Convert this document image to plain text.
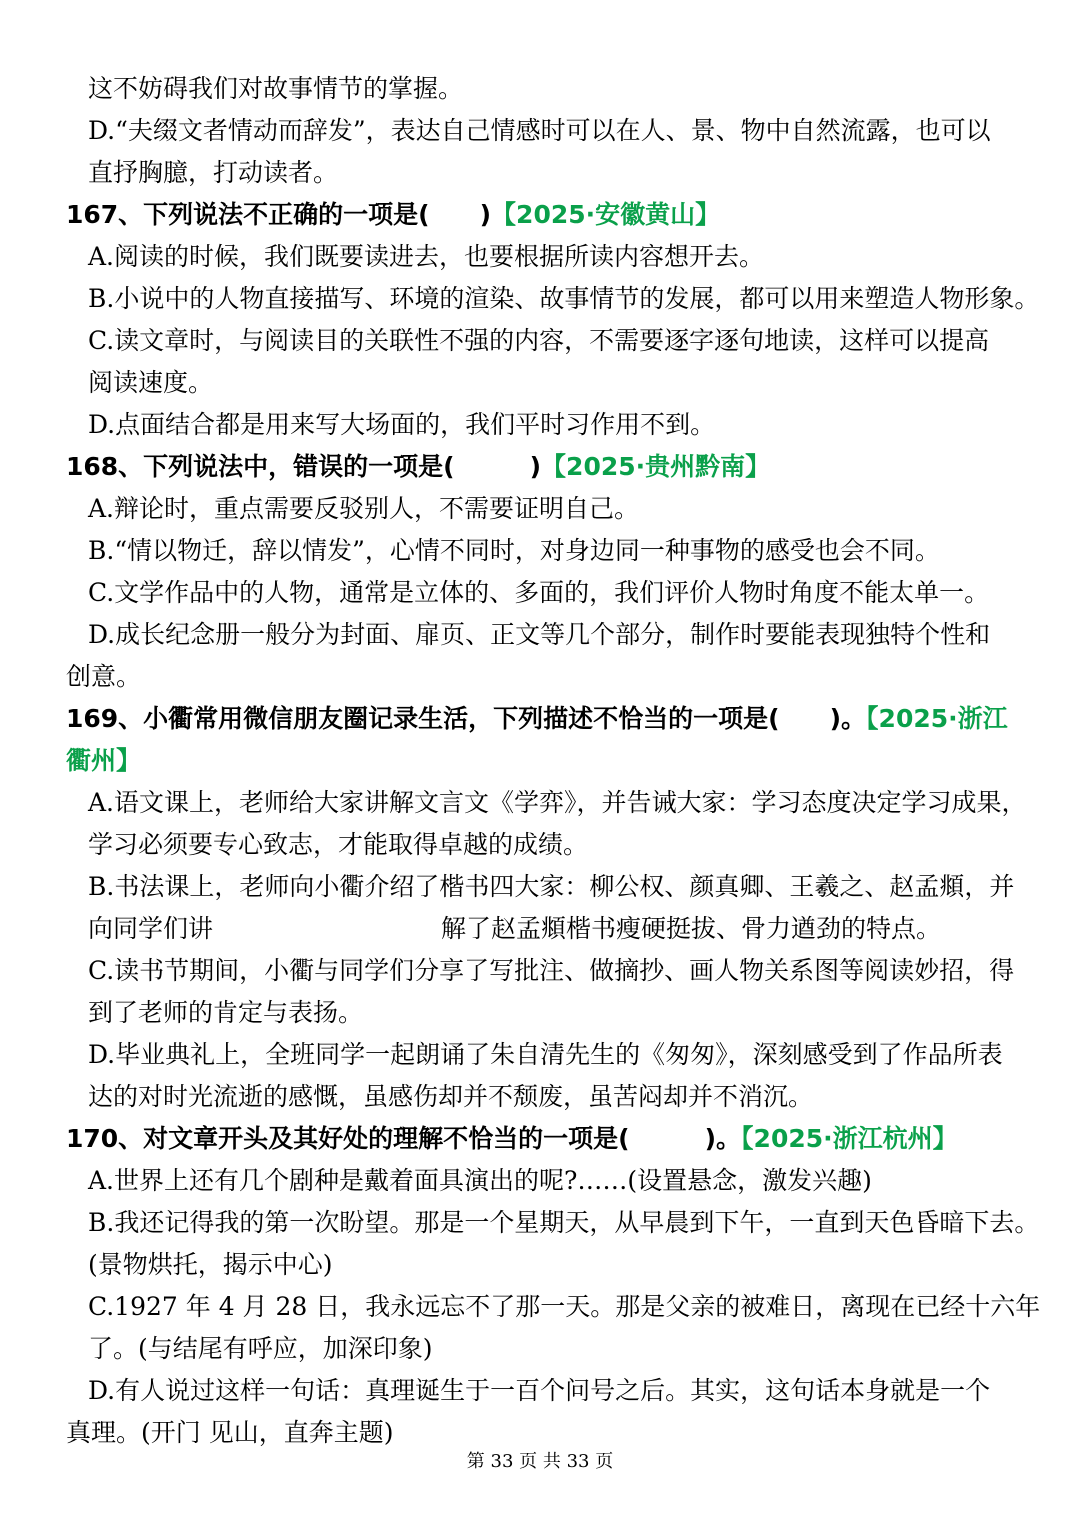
这不妨碍我们对故事情节的掌握。
D.“夫缀文者情动而辞发”，表达自己情感时可以在人、景、物中自然流露，也可以
直抒胸臆，打动读者。
167、下列说法不正确的一项是(　　)【2025·安徽黄山】
A.阅读的时候，我们既要读进去，也要根据所读内容想开去。
B.小说中的人物直接描写、环境的渲染、故事情节的发展，都可以用来塑造人物形象。
C.读文章时，与阅读目的关联性不强的内容，不需要逐字逐句地读，这样可以提高
阅读速度。
D.点面结合都是用来写大场面的，我们平时习作用不到。
168、下列说法中，错误的一项是(　　　)【2025·贵州黔南】
A.辩论时，重点需要反驳别人，不需要证明自己。
B.“情以物迁，辞以情发”，心情不同时，对身边同一种事物的感受也会不同。
C.文学作品中的人物，通常是立体的、多面的，我们评价人物时角度不能太单一。
D.成长纪念册一般分为封面、扉页、正文等几个部分，制作时要能表现独特个性和
创意。
169、小衢常用微信朋友圈记录生活，下列描述不恰当的一项是(　　)。【2025·浙江
衢州】
A.语文课上，老师给大家讲解文言文《学弈》，并告诫大家：学习态度决定学习成果，
学习必须要专心致志，才能取得卓越的成绩。
B.书法课上，老师向小衢介绍了楷书四大家：柳公权、颜真卿、王羲之、赵孟頫，并
向同学们讲	解了赵孟頫楷书瘦硬挺拔、骨力遒劲的特点。
C.读书节期间，小衢与同学们分享了写批注、做摘抄、画人物关系图等阅读妙招，得
到了老师的肯定与表扬。
D.毕业典礼上，全班同学一起朗诵了朱自清先生的《匆匆》，深刻感受到了作品所表
达的对时光流逝的感慨，虽感伤却并不颓废，虽苦闷却并不消沉。
170、对文章开头及其好处的理解不恰当的一项是(　　　)。【2025·浙江杭州】
A.世界上还有几个剧种是戴着面具演出的呢?……(设置悬念，激发兴趣)
B.我还记得我的第一次盼望。那是一个星期天，从早晨到下午，一直到天色昏暗下去。
(景物烘托，揭示中心)
C.1927 年 4 月 28 日，我永远忘不了那一天。那是父亲的被难日，离现在已经十六年
了。(与结尾有呼应，加深印象)
D.有人说过这样一句话：真理诞生于一百个问号之后。其实，这句话本身就是一个
真理。(开门 见山，直奔主题)
第 33 页 共 33 页
